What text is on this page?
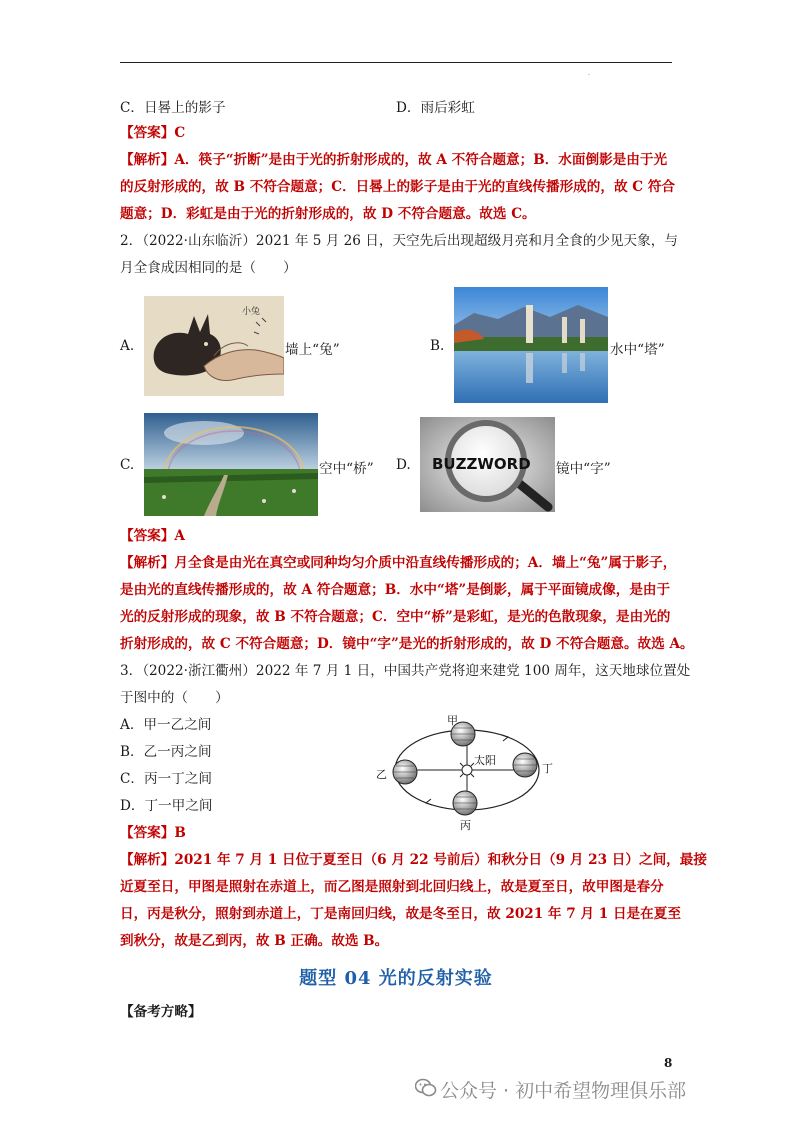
.
C．日晷上的影子	D．雨后彩虹
【答案】C
【解析】A．筷子“折断”是由于光的折射形成的，故 A 不符合题意；B．水面倒影是由于光
的反射形成的，故 B 不符合题意；C．日晷上的影子是由于光的直线传播形成的，故 C 符合
题意；D．彩虹是由于光的折射形成的，故 D 不符合题意。故选 C。
2．（2022·山东临沂）2021 年 5 月 26 日，天空先后出现超级月亮和月全食的少见天象，与
月全食成因相同的是（　　）
A.
小兔
墙上“兔”	B.	水中“塔”
C.	空中“桥” D. BUZZWORD 镜中“字”
【答案】A
【解析】月全食是由光在真空或同种均匀介质中沿直线传播形成的；A．墙上“兔”属于影子，
是由光的直线传播形成的，故 A 符合题意；B．水中“塔”是倒影，属于平面镜成像，是由于
光的反射形成的现象，故 B 不符合题意；C．空中“桥”是彩虹，是光的色散现象，是由光的
折射形成的，故 C 不符合题意；D．镜中“字”是光的折射形成的，故 D 不符合题意。故选 A。
3．（2022·浙江衢州）2022 年 7 月 1 日，中国共产党将迎来建党 100 周年，这天地球位置处
于图中的（　　）
A．甲一乙之间
B．乙一丙之间
C．丙一丁之间
D．丁一甲之间
太阳
甲
乙
丙
丁
【答案】B
【解析】2021 年 7 月 1 日位于夏至日（6 月 22 号前后）和秋分日（9 月 23 日）之间，最接
近夏至日，甲图是照射在赤道上，而乙图是照射到北回归线上，故是夏至日，故甲图是春分
日，丙是秋分，照射到赤道上，丁是南回归线，故是冬至日，故 2021 年 7 月 1 日是在夏至
到秋分，故是乙到丙，故 B 正确。故选 B。
题型 04 光的反射实验
【备考方略】
8
公众号 · 初中希望物理俱乐部
